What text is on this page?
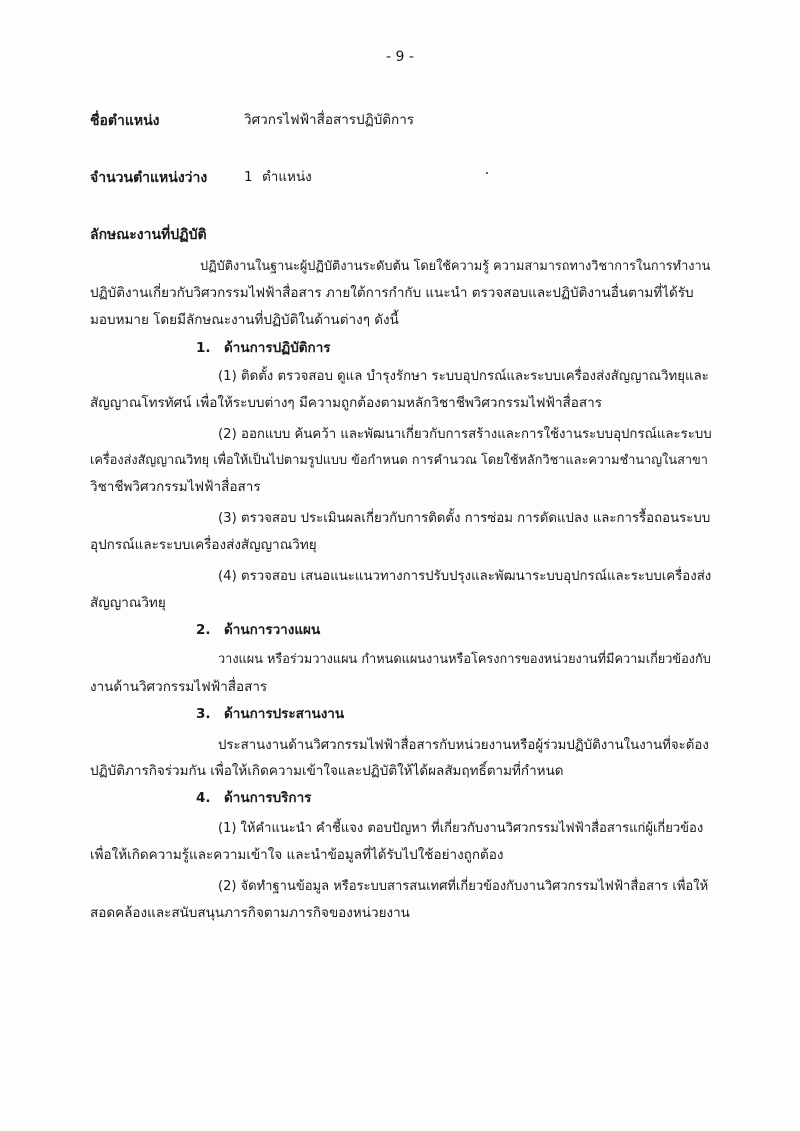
- 9 -
ชื่อตำแหน่ง	วิศวกรไฟฟ้าสื่อสารปฏิบัติการ
จำนวนตำแหน่งว่าง	1 ตำแหน่ง
ลักษณะงานที่ปฏิบัติ
ปฏิบัติงานในฐานะผู้ปฏิบัติงานระดับต้น โดยใช้ความรู้ ความสามารถทางวิชาการในการทำงาน
ปฏิบัติงานเกี่ยวกับวิศวกรรมไฟฟ้าสื่อสาร ภายใต้การกำกับ แนะนำ ตรวจสอบและปฏิบัติงานอื่นตามที่ได้รับ
มอบหมาย โดยมีลักษณะงานที่ปฏิบัติในด้านต่างๆ ดังนี้
1. ด้านการปฏิบัติการ
(1) ติดตั้ง ตรวจสอบ ดูแล บำรุงรักษา ระบบอุปกรณ์และระบบเครื่องส่งสัญญาณวิทยุและ
สัญญาณโทรทัศน์ เพื่อให้ระบบต่างๆ มีความถูกต้องตามหลักวิชาชีพวิศวกรรมไฟฟ้าสื่อสาร
(2) ออกแบบ ค้นคว้า และพัฒนาเกี่ยวกับการสร้างและการใช้งานระบบอุปกรณ์และระบบ
เครื่องส่งสัญญาณวิทยุ เพื่อให้เป็นไปตามรูปแบบ ข้อกำหนด การคำนวณ โดยใช้หลักวิชาและความชำนาญในสาขา
วิชาชีพวิศวกรรมไฟฟ้าสื่อสาร
(3) ตรวจสอบ ประเมินผลเกี่ยวกับการติดตั้ง การซ่อม การดัดแปลง และการรื้อถอนระบบ
อุปกรณ์และระบบเครื่องส่งสัญญาณวิทยุ
(4) ตรวจสอบ เสนอแนะแนวทางการปรับปรุงและพัฒนาระบบอุปกรณ์และระบบเครื่องส่ง
สัญญาณวิทยุ
2. ด้านการวางแผน
วางแผน หรือร่วมวางแผน กำหนดแผนงานหรือโครงการของหน่วยงานที่มีความเกี่ยวข้องกับ
งานด้านวิศวกรรมไฟฟ้าสื่อสาร
3. ด้านการประสานงาน
ประสานงานด้านวิศวกรรมไฟฟ้าสื่อสารกับหน่วยงานหรือผู้ร่วมปฏิบัติงานในงานที่จะต้อง
ปฏิบัติภารกิจร่วมกัน เพื่อให้เกิดความเข้าใจและปฏิบัติให้ได้ผลสัมฤทธิ์ตามที่กำหนด
4. ด้านการบริการ
(1) ให้คำแนะนำ คำชี้แจง ตอบปัญหา ที่เกี่ยวกับงานวิศวกรรมไฟฟ้าสื่อสารแก่ผู้เกี่ยวข้อง
เพื่อให้เกิดความรู้และความเข้าใจ และนำข้อมูลที่ได้รับไปใช้อย่างถูกต้อง
(2) จัดทำฐานข้อมูล หรือระบบสารสนเทศที่เกี่ยวข้องกับงานวิศวกรรมไฟฟ้าสื่อสาร เพื่อให้
สอดคล้องและสนับสนุนภารกิจตามภารกิจของหน่วยงาน
